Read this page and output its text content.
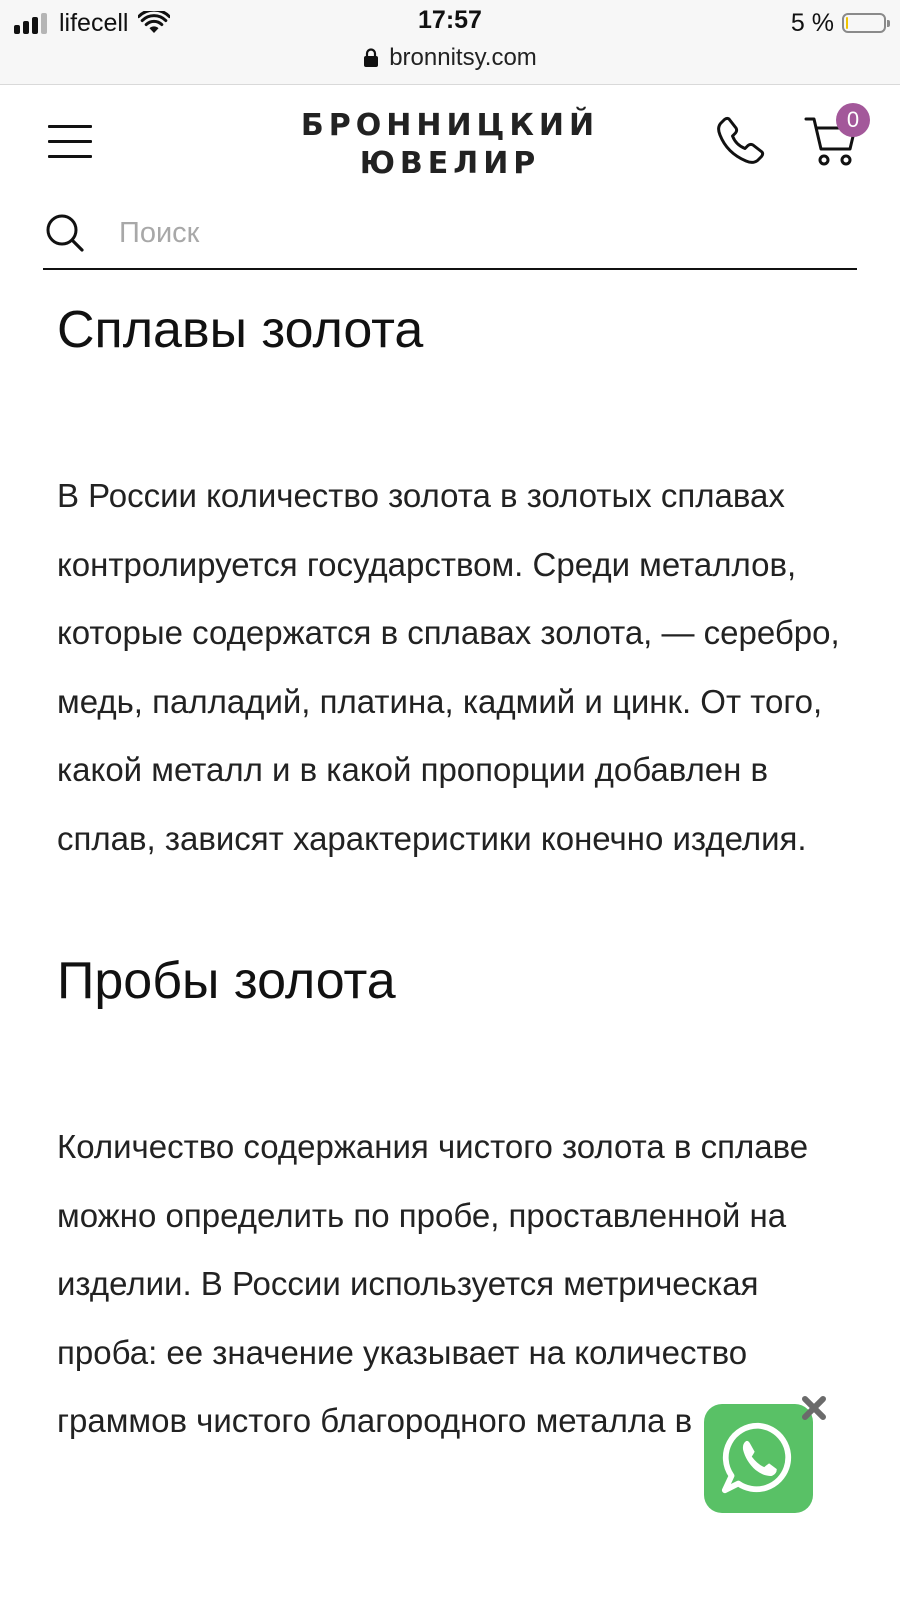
lifecell	17:57	5 %
bronnitsy.com
БРОННИЦКИЙ
ЮВЕЛИР
0
Поиск
Сплавы золота

В России количество золота в золотых сплавах контролируется государством. Среди металлов, которые содержатся в сплавах золота, — серебро, медь, палладий, платина, кадмий и цинк. От того, какой металл и в какой пропорции добавлен в сплав, зависят характеристики конечно изделия.

Пробы золота

Количество содержания чистого золота в сплаве можно определить по пробе, проставленной на изделии. В России используется метрическая проба: ее значение указывает на количество граммов чистого благородного металла в
